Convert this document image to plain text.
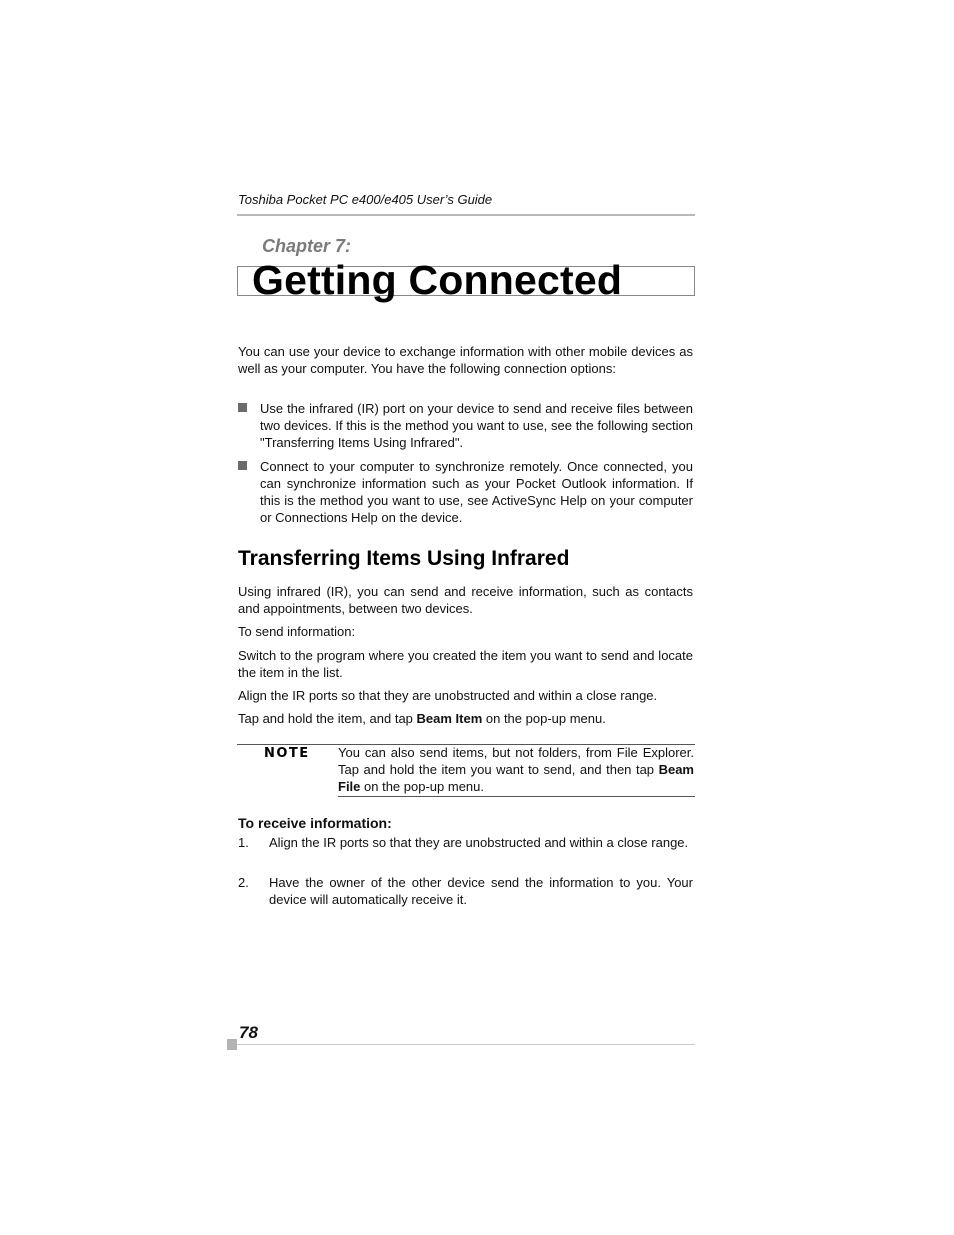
Toshiba Pocket PC e400/e405 User’s Guide
Chapter 7:
Getting Connected
You can use your device to exchange information with other mobile devices as well as your computer. You have the following connection options:
Use the infrared (IR) port on your device to send and receive files between two devices. If this is the method you want to use, see the following section "Transferring Items Using Infrared".
Connect to your computer to synchronize remotely. Once connected, you can synchronize information such as your Pocket Outlook information. If this is the method you want to use, see ActiveSync Help on your computer or Connections Help on the device.
Transferring Items Using Infrared
Using infrared (IR), you can send and receive information, such as contacts and appointments, between two devices.
To send information:
Switch to the program where you created the item you want to send and locate the item in the list.
Align the IR ports so that they are unobstructed and within a close range.
Tap and hold the item, and tap Beam Item on the pop-up menu.
NOTE You can also send items, but not folders, from File Explorer. Tap and hold the item you want to send, and then tap Beam File on the pop-up menu.
To receive information:
1. Align the IR ports so that they are unobstructed and within a close range.
2. Have the owner of the other device send the information to you. Your device will automatically receive it.
78
